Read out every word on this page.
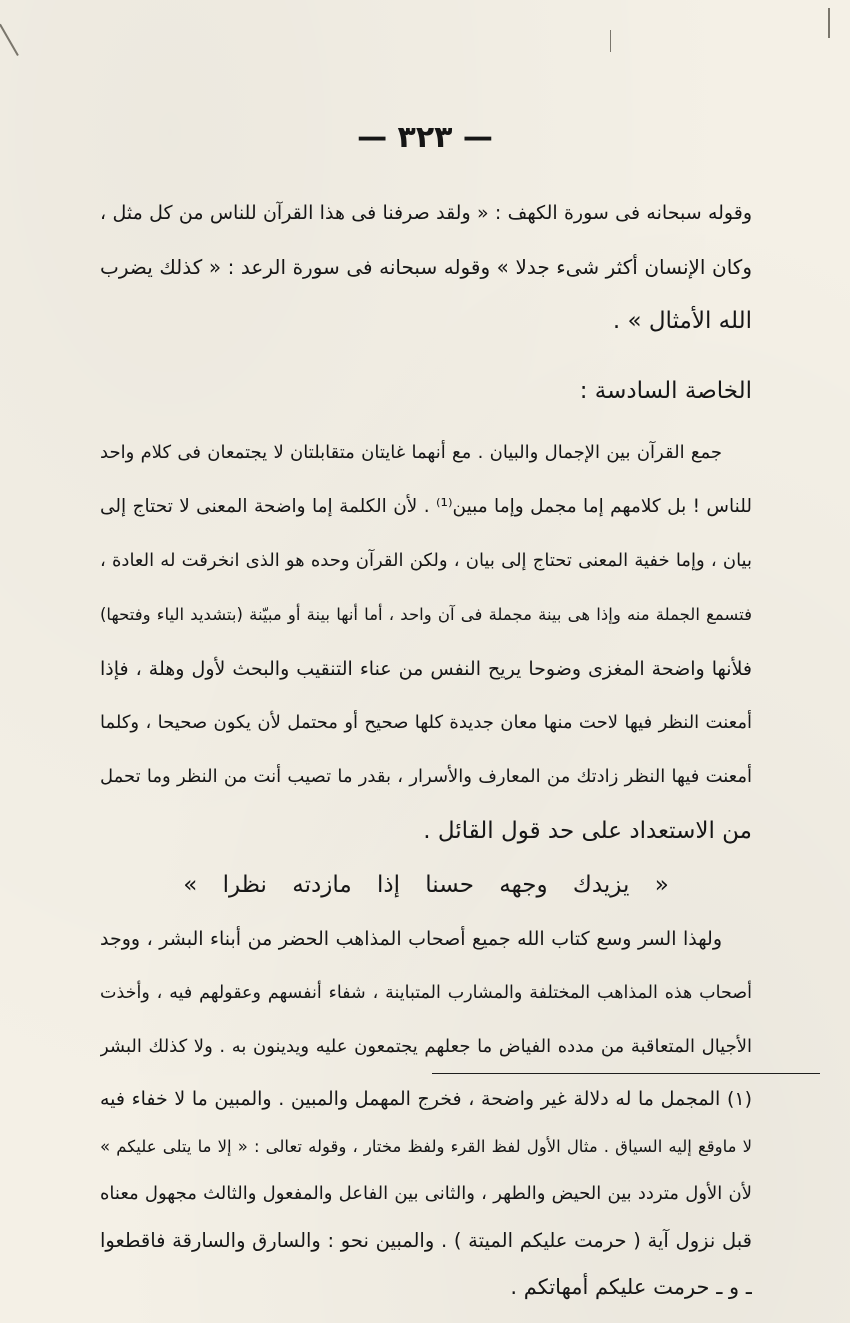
— ٣٢٣ —
وقوله سبحانه فى سورة الكهف : « ولقد صرفنا فى هذا القرآن للناس من كل مثل ،
وكان الإنسان أكثر شىء جدلا » وقوله سبحانه فى سورة الرعد : « كذلك يضرب
الله الأمثال » .
الخاصة السادسة :
جمع القرآن بين الإجمال والبيان . مع أنهما غايتان متقابلتان لا يجتمعان فى كلام واحد
للناس ! بل كلامهم إما مجمل وإما مبين⁽¹⁾ . لأن الكلمة إما واضحة المعنى لا تحتاج إلى
بيان ، وإما خفية المعنى تحتاج إلى بيان ، ولكن القرآن وحده هو الذى انخرقت له العادة ،
فتسمع الجملة منه وإذا هى بينة مجملة فى آن واحد ، أما أنها بينة أو مبيّنة (بتشديد الياء وفتحها)
فلأنها واضحة المغزى وضوحا يريح النفس من عناء التنقيب والبحث لأول وهلة ، فإذا
أمعنت النظر فيها لاحت منها معان جديدة كلها صحيح أو محتمل لأن يكون صحيحا ، وكلما
أمعنت فيها النظر زادتك من المعارف والأسرار ، بقدر ما تصيب أنت من النظر وما تحمل
من الاستعداد على حد قول القائل .
« يزيدك وجهه حسنا إذا مازدته نظرا »
ولهذا السر وسع كتاب الله جميع أصحاب المذاهب الحضر من أبناء البشر ، ووجد
أصحاب هذه المذاهب المختلفة والمشارب المتباينة ، شفاء أنفسهم وعقولهم فيه ، وأخذت
الأجيال المتعاقبة من مدده الفياض ما جعلهم يجتمعون عليه ويدينون به . ولا كذلك البشر
(١) المجمل ما له دلالة غير واضحة ، فخرج المهمل والمبين . والمبين ما لا خفاء فيه
لا ماوقع إليه السياق . مثال الأول لفظ القرء ولفظ مختار ، وقوله تعالى : « إلا ما يتلى عليكم »
لأن الأول متردد بين الحيض والطهر ، والثانى بين الفاعل والمفعول والثالث مجهول معناه
قبل نزول آية ( حرمت عليكم الميتة ) . والمبين نحو : والسارق والسارقة فاقطعوا
ـ و ـ حرمت عليكم أمهاتكم .
